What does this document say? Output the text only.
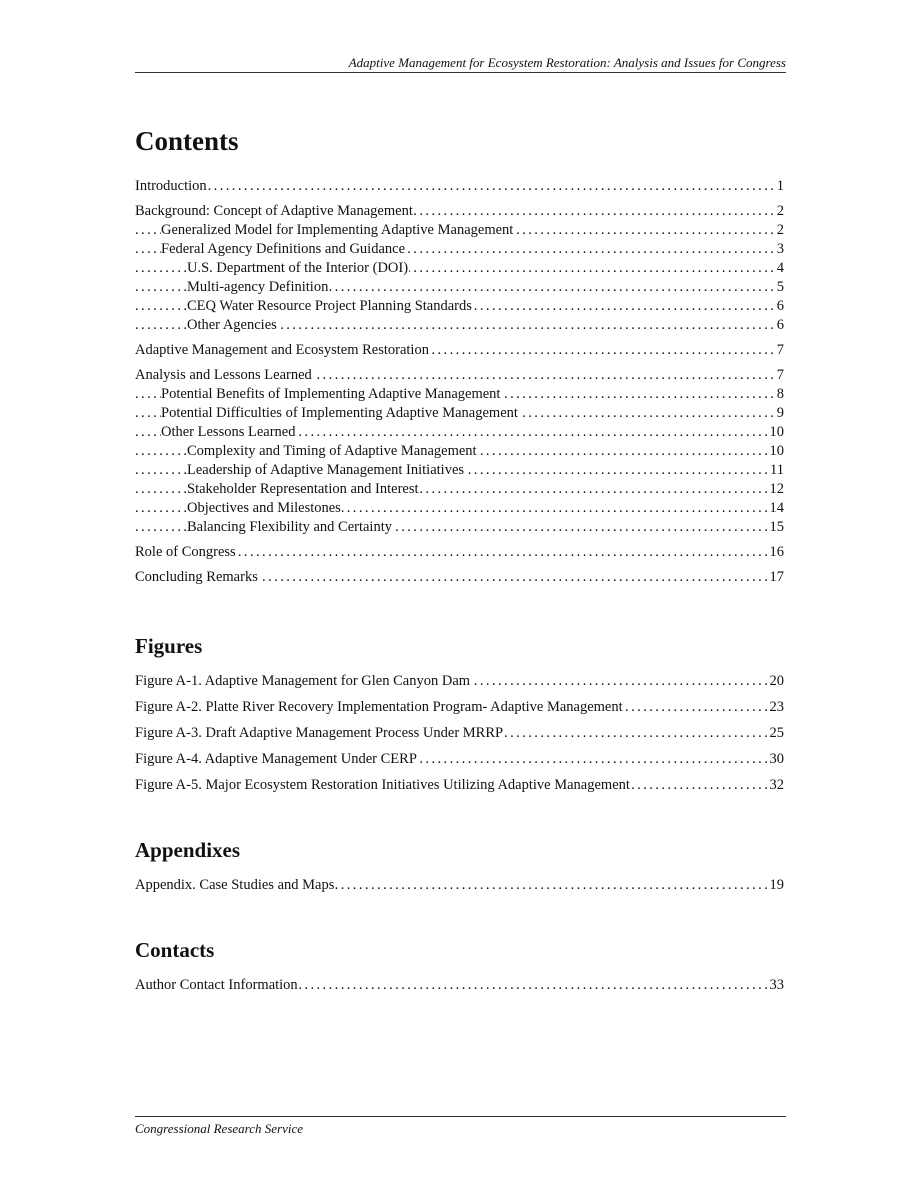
Adaptive Management for Ecosystem Restoration: Analysis and Issues for Congress
Contents
. . . Introduction	1
. . . Background: Concept of Adaptive Management	2
. . . Generalized Model for Implementing Adaptive Management	2
. . . Federal Agency Definitions and Guidance	3
. . . U.S. Department of the Interior (DOI)	4
. . . Multi-agency Definition	5
. . . CEQ Water Resource Project Planning Standards	6
. . . Other Agencies	6
. . . Adaptive Management and Ecosystem Restoration	7
. . . Analysis and Lessons Learned	7
. . . Potential Benefits of Implementing Adaptive Management	8
. . . Potential Difficulties of Implementing Adaptive Management	9
. . . Other Lessons Learned	10
. . . Complexity and Timing of Adaptive Management	10
. . . Leadership of Adaptive Management Initiatives	11
. . . Stakeholder Representation and Interest	12
. . . Objectives and Milestones	14
. . . Balancing Flexibility and Certainty	15
. . . Role of Congress	16
. . . Concluding Remarks	17
Figures
. . . Figure A-1. Adaptive Management for Glen Canyon Dam	20
. . . Figure A-2. Platte River Recovery Implementation Program- Adaptive Management	23
. . . Figure A-3. Draft Adaptive Management Process Under MRRP	25
. . . Figure A-4. Adaptive Management Under CERP	30
. . . Figure A-5. Major Ecosystem Restoration Initiatives Utilizing Adaptive Management	32
Appendixes
. . . Appendix. Case Studies and Maps	19
Contacts
. . . Author Contact Information	33
Congressional Research Service
